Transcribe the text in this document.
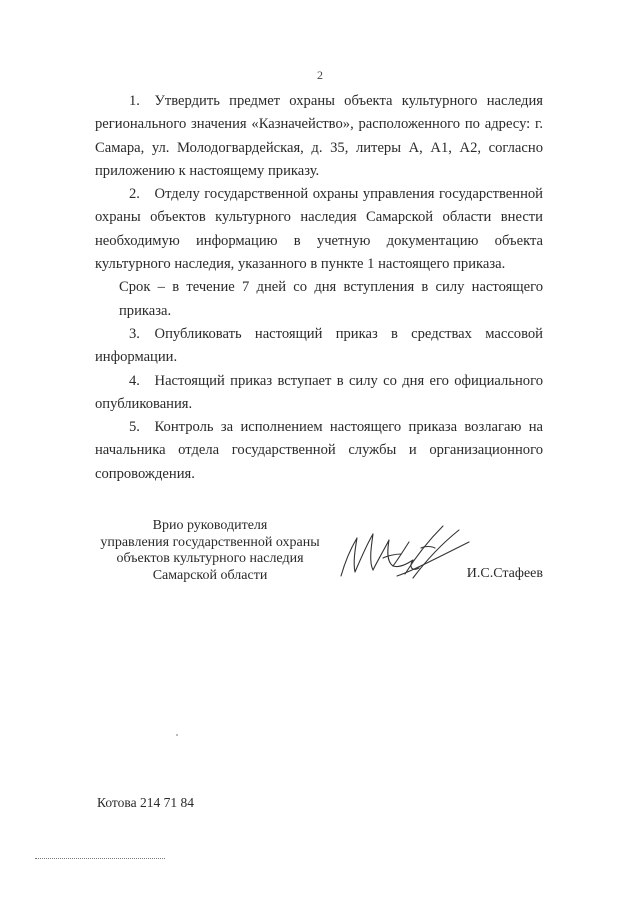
2

1. Утвердить предмет охраны объекта культурного наследия регионального значения «Казначейство», расположенного по адресу: г. Самара, ул. Молодогвардейская, д. 35, литеры А, А1, А2, согласно приложению к настоящему приказу.

2. Отделу государственной охраны управления государственной охраны объектов культурного наследия Самарской области внести необходимую информацию в учетную документацию объекта культурного наследия, указанного в пункте 1 настоящего приказа.

Срок – в течение 7 дней со дня вступления в силу настоящего приказа.

3. Опубликовать настоящий приказ в средствах массовой информации.

4. Настоящий приказ вступает в силу со дня его официального опубликования.

5. Контроль за исполнением настоящего приказа возлагаю на начальника отдела государственной службы и организационного сопровождения.

Врио руководителя
управления государственной охраны
объектов культурного наследия
Самарской области	И.С.Стафеев
Котова 214 71 84
